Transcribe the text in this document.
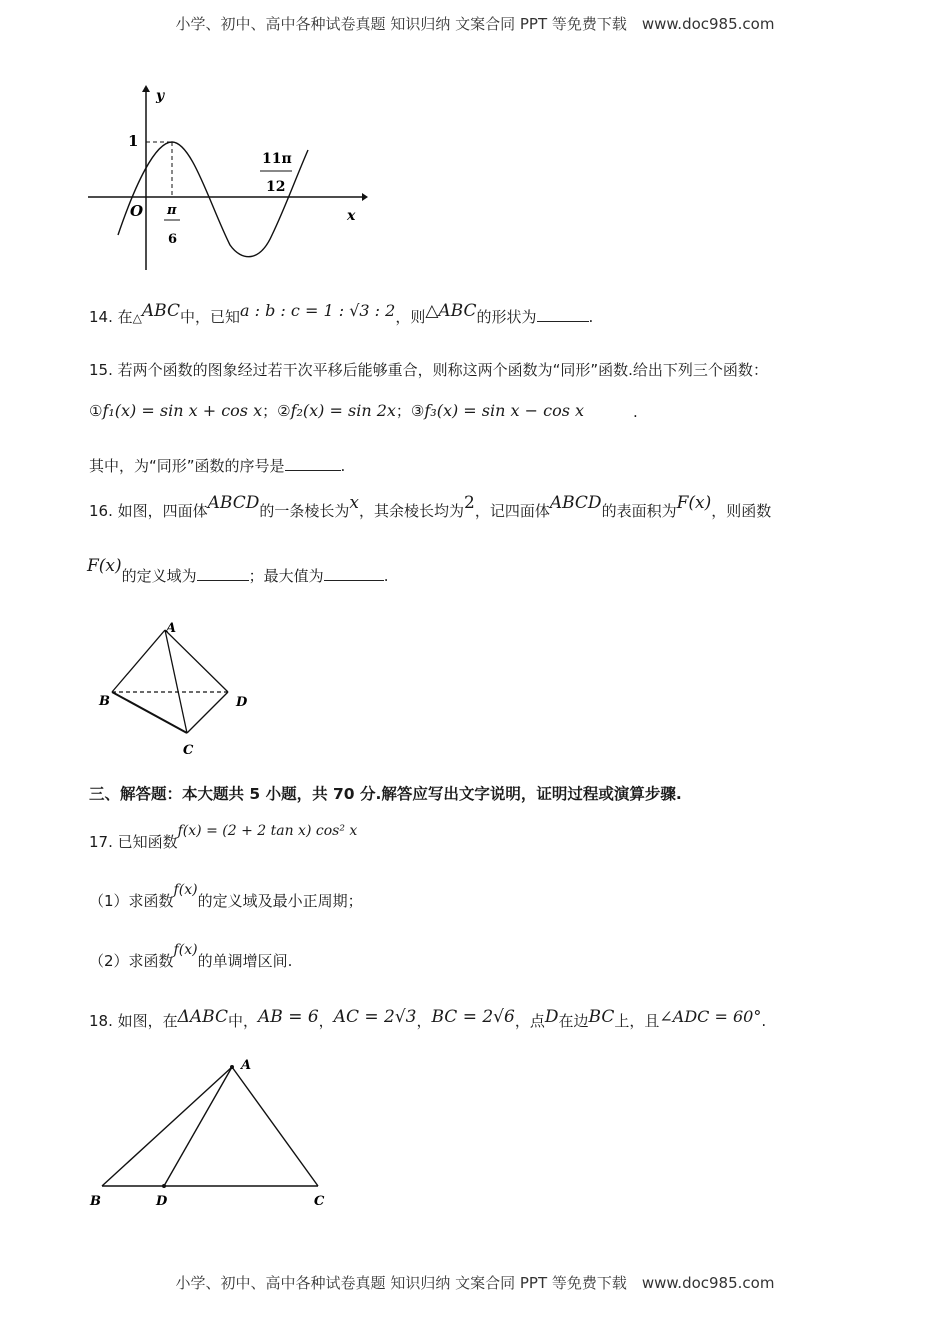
小学、初中、高中各种试卷真题 知识归纳 文案合同 PPT 等免费下载　www.doc985.com
y
x
1
O π
6
11π
12
14. 在△ABC中，已知a : b : c = 1 : √3 : 2，则△ABC的形状为	.
15. 若两个函数的图象经过若干次平移后能够重合，则称这两个函数为“同形”函数.给出下列三个函数：
①f₁(x) = sin x + cos x；②f₂(x) = sin 2x；③f₃(x) = sin x − cos x	.
其中，为“同形”函数的序号是	.
16. 如图，四面体ABCD的一条棱长为x，其余棱长均为2，记四面体ABCD的表面积为F(x)，则函数
F(x)的定义域为	；最大值为	.
A
B	D
C
三、解答题：本大题共 5 小题，共 70 分.解答应写出文字说明，证明过程或演算步骤.
17. 已知函数f(x) = (2 + 2 tan x) cos² x
（1）求函数f(x)的定义域及最小正周期；
（2）求函数f(x)的单调增区间.
18. 如图，在ΔABC中，AB = 6，AC = 2√3，BC = 2√6，点D在边BC上，且∠ADC = 60°.
A
B	D	C
小学、初中、高中各种试卷真题 知识归纳 文案合同 PPT 等免费下载　www.doc985.com
